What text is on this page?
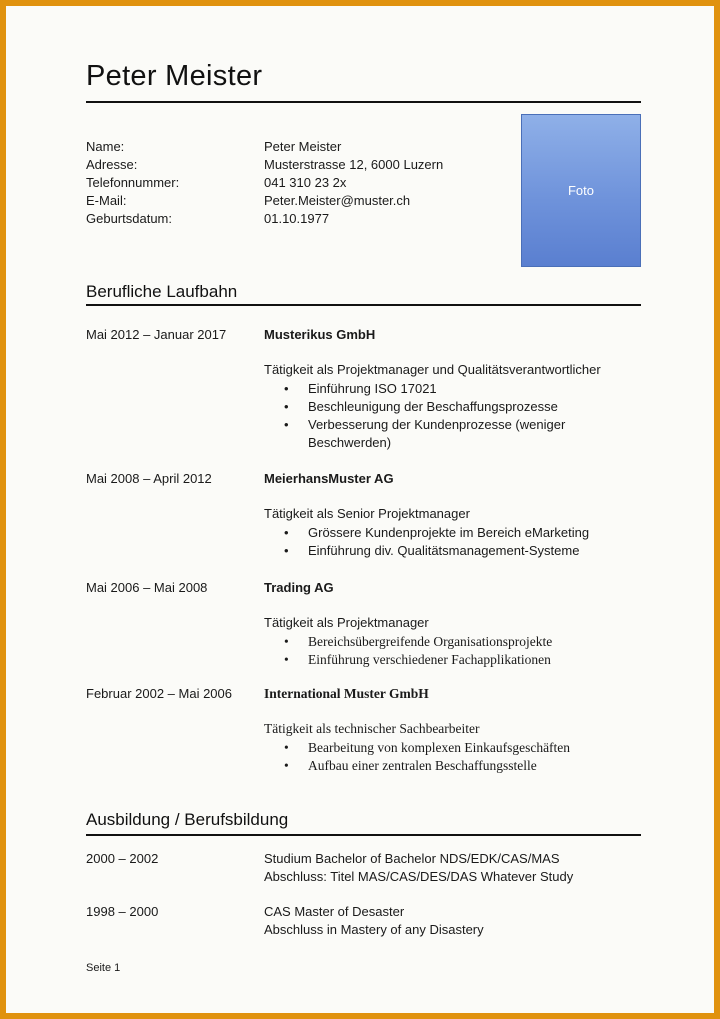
Peter Meister
Name:	Peter Meister
Adresse:	Musterstrasse 12, 6000 Luzern
Telefonnummer:	041 310 23 2x
E-Mail:	Peter.Meister@muster.ch
Geburtsdatum:	01.10.1977
Foto
Berufliche Laufbahn
Mai 2012 – Januar 2017	Musterikus GmbH
Tätigkeit als Projektmanager und Qualitätsverantwortlicher
• Einführung ISO 17021
• Beschleunigung der Beschaffungsprozesse
• Verbesserung der Kundenprozesse (weniger Beschwerden)
Mai 2008 – April 2012	MeierhansMuster AG
Tätigkeit als Senior Projektmanager
• Grössere Kundenprojekte im Bereich eMarketing
• Einführung div. Qualitätsmanagement-Systeme
Mai 2006 – Mai 2008	Trading AG
Tätigkeit als Projektmanager
• Bereichsübergreifende Organisationsprojekte
• Einführung verschiedener Fachapplikationen
Februar 2002 – Mai 2006	International Muster GmbH
Tätigkeit als technischer Sachbearbeiter
• Bearbeitung von komplexen Einkaufsgeschäften
• Aufbau einer zentralen Beschaffungsstelle
Ausbildung / Berufsbildung
2000 – 2002	Studium Bachelor of Bachelor NDS/EDK/CAS/MAS
Abschluss: Titel MAS/CAS/DES/DAS Whatever Study
1998 – 2000	CAS Master of Desaster
Abschluss in Mastery of any Disastery
Seite 1
